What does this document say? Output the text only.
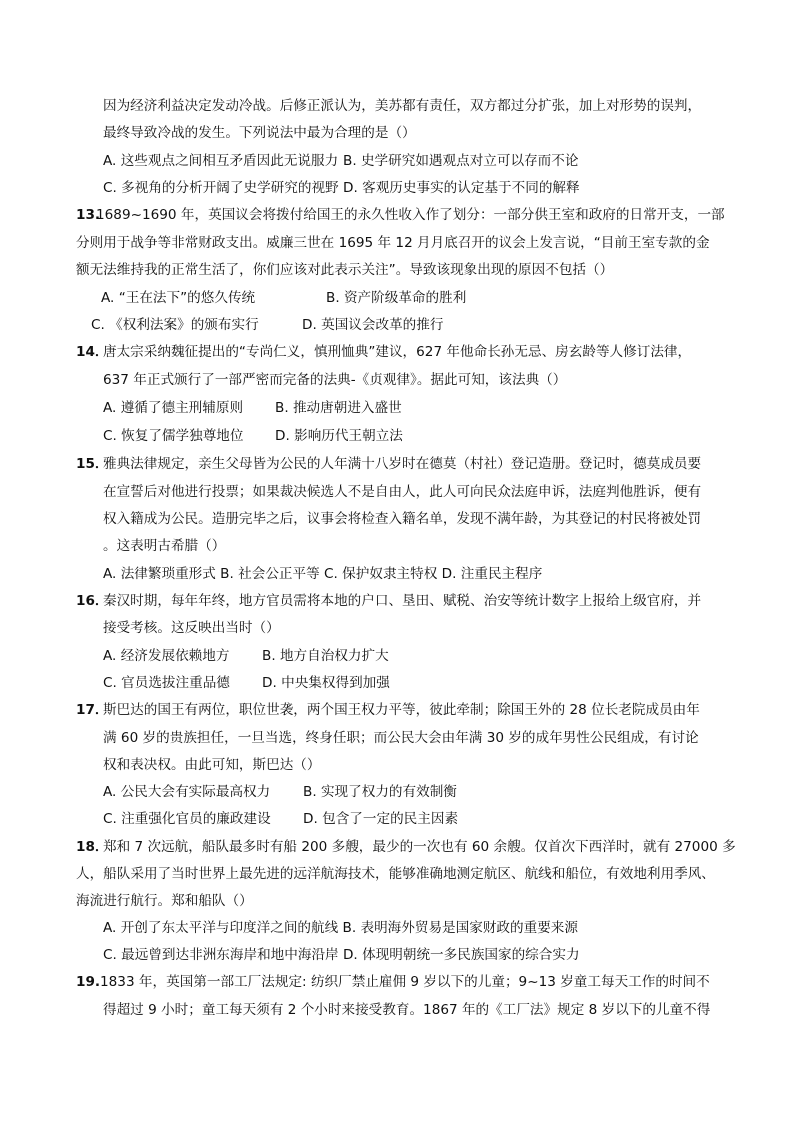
因为经济利益决定发动冷战。后修正派认为，美苏都有责任，双方都过分扩张，加上对形势的误判，
最终导致冷战的发生。下列说法中最为合理的是（）
A. 这些观点之间相互矛盾因此无说服力 B. 史学研究如遇观点对立可以存而不论
C. 多视角的分析开阔了史学研究的视野 D. 客观历史事实的认定基于不同的解释
13.
1689~1690 年，英国议会将拨付给国王的永久性收入作了划分：一部分供王室和政府的日常开支，一部
分则用于战争等非常财政支出。威廉三世在 1695 年 12 月月底召开的议会上发言说，“目前王室专款的金
额无法维持我的正常生活了，你们应该对此表示关注”。导致该现象出现的原因不包括（）
A. “王在法下”的悠久传统	B. 资产阶级革命的胜利
C. 《权利法案》的颁布实行	D. 英国议会改革的推行
14．
唐太宗采纳魏征提出的“专尚仁义，慎刑恤典”建议，627 年他命长孙无忌、房玄龄等人修订法律，
637 年正式颁行了一部严密而完备的法典-《贞观律》。据此可知，该法典（）
A. 遵循了德主刑辅原则 B. 推动唐朝进入盛世
C. 恢复了儒学独尊地位 D. 影响历代王朝立法
15．
雅典法律规定，亲生父母皆为公民的人年满十八岁时在德莫（村社）登记造册。登记时，德莫成员要
在宣誓后对他进行投票；如果裁决候选人不是自由人，此人可向民众法庭申诉，法庭判他胜诉，便有
权入籍成为公民。造册完毕之后，议事会将检查入籍名单，发现不满年龄，为其登记的村民将被处罚
。这表明古希腊（）
A. 法律繁琐重形式 B. 社会公正平等 C. 保护奴隶主特权 D. 注重民主程序
16．
秦汉时期，每年年终，地方官员需将本地的户口、垦田、赋税、治安等统计数字上报给上级官府，并
接受考核。这反映出当时（）
A. 经济发展依赖地方 B. 地方自治权力扩大
C. 官员选拔注重品德 D. 中央集权得到加强
17．
斯巴达的国王有两位，职位世袭，两个国王权力平等，彼此牵制；除国王外的 28 位长老院成员由年
满 60 岁的贵族担任，一旦当选，终身任职；而公民大会由年满 30 岁的成年男性公民组成，有讨论
权和表决权。由此可知，斯巴达（）
A. 公民大会有实际最高权力 B. 实现了权力的有效制衡
C. 注重强化官员的廉政建设 D. 包含了一定的民主因素
18．
郑和 7 次远航，船队最多时有船 200 多艘，最少的一次也有 60 余艘。仅首次下西洋时，就有 27000 多
人，船队采用了当时世界上最先进的远洋航海技术，能够准确地测定航区、航线和船位，有效地利用季风、
海流进行航行。郑和船队（）
A. 开创了东太平洋与印度洋之间的航线 B. 表明海外贸易是国家财政的重要来源
C. 最远曾到达非洲东海岸和地中海沿岸 D. 体现明朝统一多民族国家的综合实力
19. 1833 年，英国第一部工厂法规定: 纺织厂禁止雇佣 9 岁以下的儿童；9~13 岁童工每天工作的时间不
得超过 9 小时；童工每天须有 2 个小时来接受教育。1867 年的《工厂法》规定 8 岁以下的儿童不得
